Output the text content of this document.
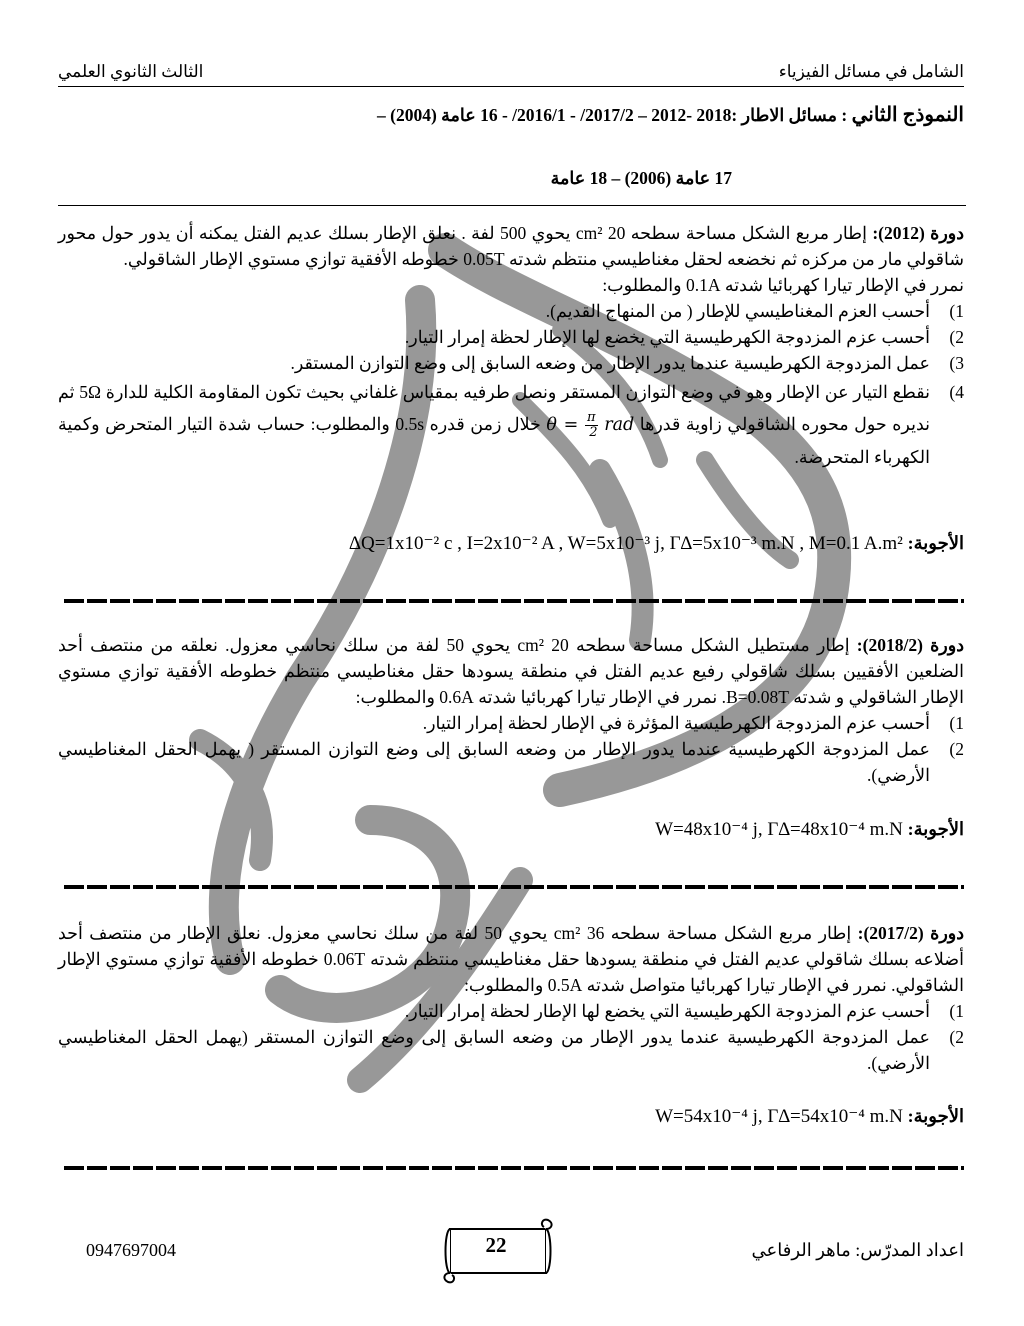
الشامل في مسائل الفيزياء
الثالث الثانوي العلمي
النموذج الثاني : مسائل الاطار :2018 -2012 – 2017/2/ - 2016/1/ - 16 عامة (2004) –
17 عامة (2006) – 18 عامة
دورة (2012): إطار مربع الشكل مساحة سطحه 20 cm² يحوي 500 لفة . نعلق الإطار بسلك عديم الفتل يمكنه أن يدور حول محور شاقولي مار من مركزه ثم نخضعه لحقل مغناطيسي منتظم شدته 0.05T خطوطه الأفقية توازي مستوي الإطار الشاقولي.
نمرر في الإطار تيارا كهربائيا شدته 0.1A والمطلوب:
1)
أحسب العزم المغناطيسي للإطار ( من المنهاج القديم).
2)
أحسب عزم المزدوجة الكهرطيسية التي يخضع لها الإطار لحظة إمرار التيار.
3)
عمل المزدوجة الكهرطيسية عندما يدور الإطار من وضعه السابق إلى وضع التوازن المستقر.
4)
نقطع التيار عن الإطار وهو في وضع التوازن المستقر ونصل طرفيه بمقياس غلفاني بحيث تكون المقاومة الكلية للدارة 5Ω ثم نديره حول محوره الشاقولي زاوية قدرها $\theta = \frac{\pi}{2}$ rad خلال زمن قدره 0.5s والمطلوب: حساب شدة التيار المتحرض وكمية الكهرباء المتحرضة.
الأجوبة: ΔQ=1x10⁻² c , I=2x10⁻² A , W=5x10⁻³ j, Γ∆=5x10⁻³ m.N , M=0.1 A.m²
دورة (2018/2): إطار مستطيل الشكل مساحة سطحه 20 cm² يحوي 50 لفة من سلك نحاسي معزول. نعلقه من منتصف أحد الضلعين الأفقيين بسلك شاقولي رفيع عديم الفتل في منطقة يسودها حقل مغناطيسي منتظم خطوطه الأفقية توازي مستوي الإطار الشاقولي و شدته B=0.08T. نمرر في الإطار تيارا كهربائيا شدته 0.6A والمطلوب:
1)
أحسب عزم المزدوجة الكهرطيسية المؤثرة في الإطار لحظة إمرار التيار.
2)
عمل المزدوجة الكهرطيسية عندما يدور الإطار من وضعه السابق إلى وضع التوازن المستقر ( يهمل الحقل المغناطيسي الأرضي).
الأجوبة: W=48x10⁻⁴ j, Γ∆=48x10⁻⁴ m.N
دورة (2017/2): إطار مربع الشكل مساحة سطحه 36 cm² يحوي 50 لفة من سلك نحاسي معزول. نعلق الإطار من منتصف أحد أضلاعه بسلك شاقولي عديم الفتل في منطقة يسودها حقل مغناطيسي منتظم شدته 0.06T خطوطه الأفقية توازي مستوي الإطار الشاقولي. نمرر في الإطار تيارا كهربائيا متواصل شدته 0.5A والمطلوب:
1)
أحسب عزم المزدوجة الكهرطيسية التي يخضع لها الإطار لحظة إمرار التيار.
2)
عمل المزدوجة الكهرطيسية عندما يدور الإطار من وضعه السابق إلى وضع التوازن المستقر (يهمل الحقل المغناطيسي الأرضي).
الأجوبة: W=54x10⁻⁴ j, Γ∆=54x10⁻⁴ m.N
اعداد المدرّس: ماهر الرفاعي
22
0947697004
